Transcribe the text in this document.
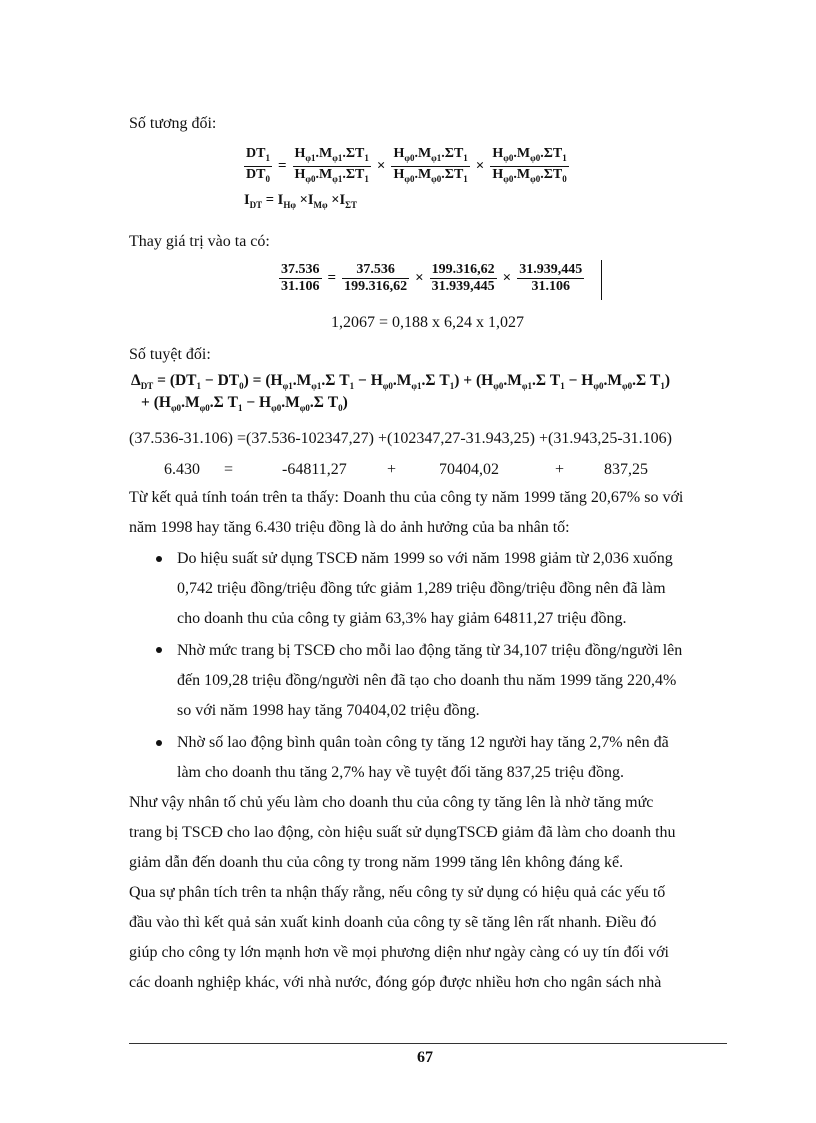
Số tương đối:
$\frac{DT_1}{DT_0} = \frac{H_{\varphi 1}.M_{\varphi 1}.\Sigma T_1}{H_{\varphi 0}.M_{\varphi 1}.\Sigma T_1} \times \frac{H_{\varphi 0}.M_{\varphi 1}.\Sigma T_1}{H_{\varphi 0}.M_{\varphi 0}.\Sigma T_1} \times \frac{H_{\varphi 0}.M_{\varphi 0}.\Sigma T_1}{H_{\varphi 0}.M_{\varphi 0}.\Sigma T_0}$
$I_{DT} = I_{H\varphi} \times I_{M\varphi} \times I_{\Sigma T}$
Thay giá trị vào ta có:
$\frac{37.536}{31.106} = \frac{37.536}{199.316,62} \times \frac{199.316,62}{31.939,445} \times \frac{31.939,445}{31.106}$
1,2067 = 0,188 x 6,24 x 1,027
Số tuyệt đối:
$\Delta_{DT} = (DT_1 - DT_0) = (H_{\varphi 1}.M_{\varphi 1}.\Sigma$ $T_1 - H_{\varphi 0}.M_{\varphi 1}.\Sigma$ $T_1) + (H_{\varphi 0}.M_{\varphi 1}.\Sigma$ $T_1 - H_{\varphi 0}.M_{\varphi 0}.\Sigma$ $T_1$)
+ ($H_{\varphi 0}.M_{\varphi 0}.\Sigma$ $T_1 - H_{\varphi 0}.M_{\varphi 0}.\Sigma$ $T_0$)
(37.536-31.106) =(37.536-102347,27) +(102347,27-31.943,25) +(31.943,25-31.106)
6.430 =	-64811,27	+	70404,02	+ 837,25
Từ kết quả tính toán trên ta thấy: Doanh thu của công ty năm 1999 tăng 20,67% so với
năm 1998 hay tăng 6.430 triệu đồng là do ảnh hưởng của ba nhân tố:
Do hiệu suất sử dụng TSCĐ năm 1999 so với năm 1998 giảm từ 2,036 xuống
0,742 triệu đồng/triệu đồng tức giảm 1,289 triệu đồng/triệu đồng nên đã làm
cho doanh thu của công ty giảm 63,3% hay giảm 64811,27 triệu đồng.
Nhờ mức trang bị TSCĐ cho mỗi lao động tăng từ 34,107 triệu đồng/người lên
đến 109,28 triệu đồng/người nên đã tạo cho doanh thu năm 1999 tăng 220,4%
so với năm 1998 hay tăng 70404,02 triệu đồng.
Nhờ số lao động bình quân toàn công ty tăng 12 người hay tăng 2,7% nên đã
làm cho doanh thu tăng 2,7% hay về tuyệt đối tăng 837,25 triệu đồng.
Như vậy nhân tố chủ yếu làm cho doanh thu của công ty tăng lên là nhờ tăng mức
trang bị TSCĐ cho lao động, còn hiệu suất sử dụngTSCĐ giảm đã làm cho doanh thu
giảm dẫn đến doanh thu của công ty trong năm 1999 tăng lên không đáng kể.
Qua sự phân tích trên ta nhận thấy rằng, nếu công ty sử dụng có hiệu quả các yếu tố
đầu vào thì kết quả sản xuất kinh doanh của công ty sẽ tăng lên rất nhanh. Điều đó
giúp cho công ty lớn mạnh hơn về mọi phương diện như ngày càng có uy tín đối với
các doanh nghiệp khác, với nhà nước, đóng góp được nhiều hơn cho ngân sách nhà
67
